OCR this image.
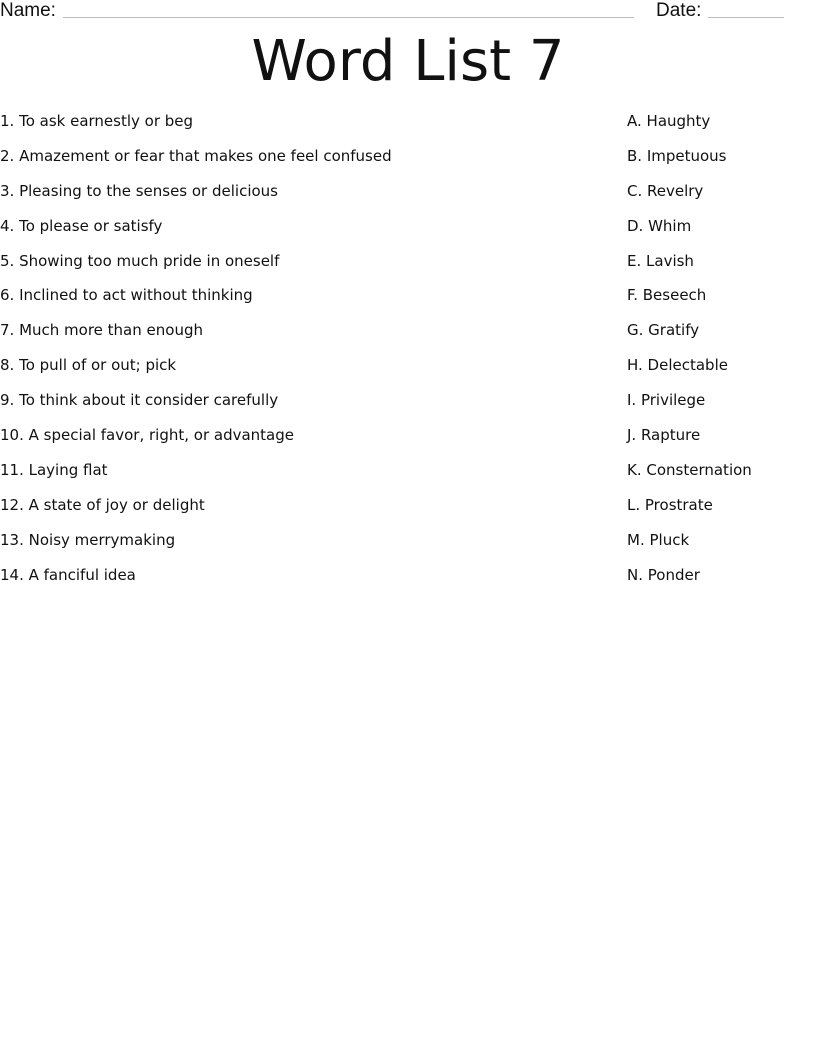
Name:	Date:
Word List 7
1. To ask earnestly or beg
2. Amazement or fear that makes one feel confused
3. Pleasing to the senses or delicious
4. To please or satisfy
5. Showing too much pride in oneself
6. Inclined to act without thinking
7. Much more than enough
8. To pull of or out; pick
9. To think about it consider carefully
10. A special favor, right, or advantage
11. Laying flat
12. A state of joy or delight
13. Noisy merrymaking
14. A fanciful idea
A. Haughty
B. Impetuous
C. Revelry
D. Whim
E. Lavish
F. Beseech
G. Gratify
H. Delectable
I. Privilege
J. Rapture
K. Consternation
L. Prostrate
M. Pluck
N. Ponder
